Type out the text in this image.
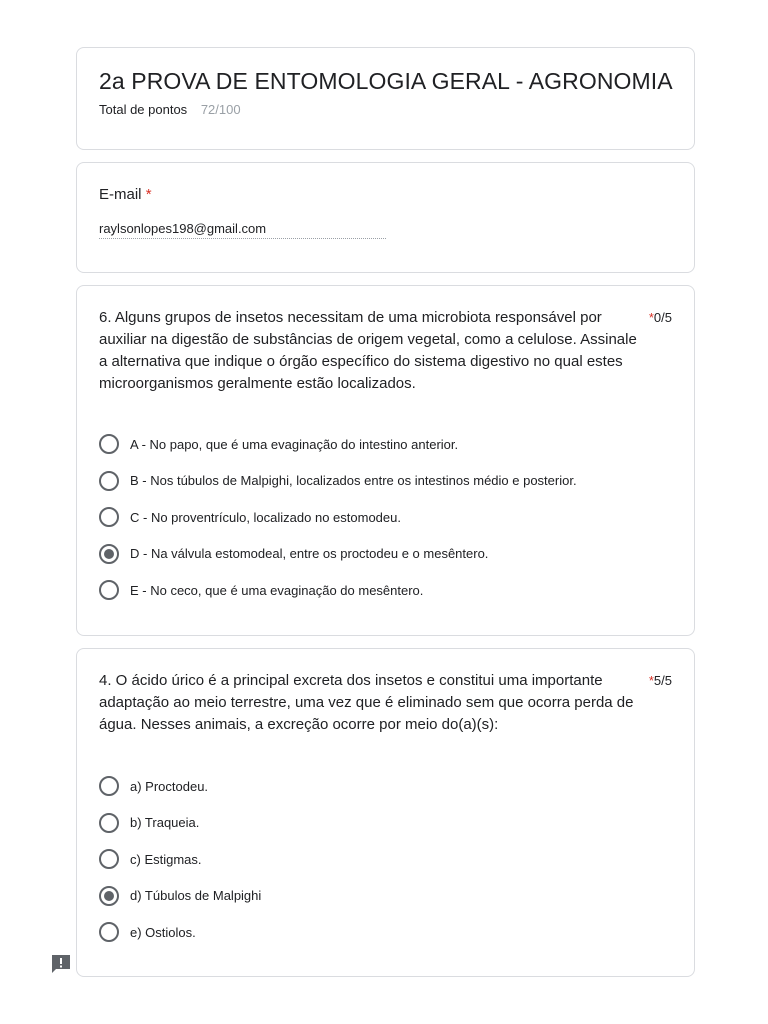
2a PROVA DE ENTOMOLOGIA GERAL - AGRONOMIA
Total de pontos 72/100
E-mail *
raylsonlopes198@gmail.com
6. Alguns grupos de insetos necessitam de uma microbiota responsável por auxiliar na digestão de substâncias de origem vegetal, como a celulose. Assinale a alternativa que indique o órgão específico do sistema digestivo no qual estes microorganismos geralmente estão localizados.
*0/5
A - No papo, que é uma evaginação do intestino anterior.
B - Nos túbulos de Malpighi, localizados entre os intestinos médio e posterior.
C - No proventrículo, localizado no estomodeu.
D - Na válvula estomodeal, entre os proctodeu e o mesêntero.
E - No ceco, que é uma evaginação do mesêntero.
4. O ácido úrico é a principal excreta dos insetos e constitui uma importante adaptação ao meio terrestre, uma vez que é eliminado sem que ocorra perda de água. Nesses animais, a excreção ocorre por meio do(a)(s):
*5/5
a) Proctodeu.
b) Traqueia.
c) Estigmas.
d) Túbulos de Malpighi
e) Ostiolos.
